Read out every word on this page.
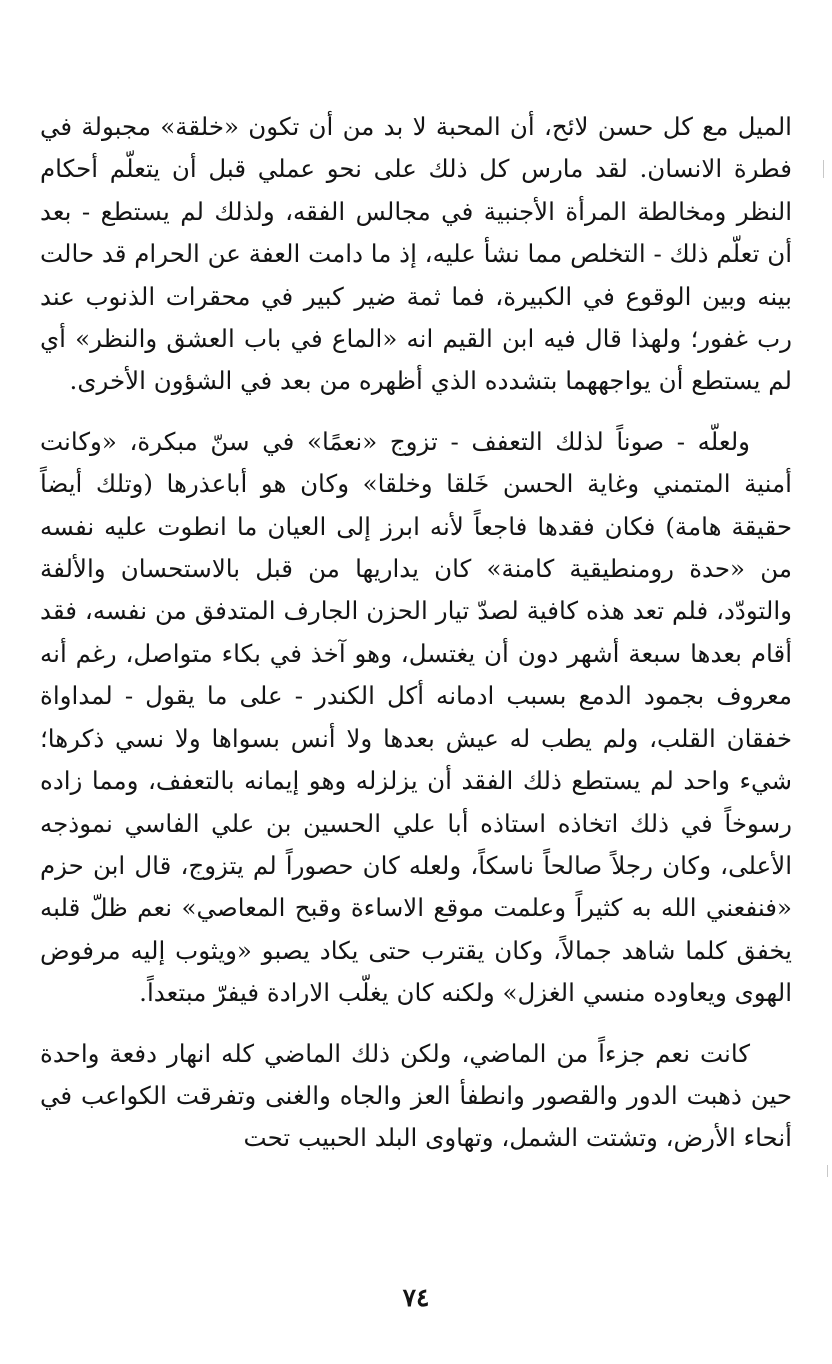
الميل مع كل حسن لائح، أن المحبة لا بد من أن تكون «خلقة» مجبولة في فطرة الانسان. لقد مارس كل ذلك على نحو عملي قبل أن يتعلّم أحكام النظر ومخالطة المرأة الأجنبية في مجالس الفقه، ولذلك لم يستطع - بعد أن تعلّم ذلك - التخلص مما نشأ عليه، إذ ما دامت العفة عن الحرام قد حالت بينه وبين الوقوع في الكبيرة، فما ثمة ضير كبير في محقرات الذنوب عند رب غفور؛ ولهذا قال فيه ابن القيم انه «الماع في باب العشق والنظر» أي لم يستطع أن يواجههما بتشدده الذي أظهره من بعد في الشؤون الأخرى.

ولعلّه - صوناً لذلك التعفف - تزوج «نعمًا» في سنّ مبكرة، «وكانت أمنية المتمني وغاية الحسن خَلقا وخلقا» وكان هو أباعذرها (وتلك أيضاً حقيقة هامة) فكان فقدها فاجعاً لأنه ابرز إلى العيان ما انطوت عليه نفسه من «حدة رومنطيقية كامنة» كان يداريها من قبل بالاستحسان والألفة والتودّد، فلم تعد هذه كافية لصدّ تيار الحزن الجارف المتدفق من نفسه، فقد أقام بعدها سبعة أشهر دون أن يغتسل، وهو آخذ في بكاء متواصل، رغم أنه معروف بجمود الدمع بسبب ادمانه أكل الكندر - على ما يقول - لمداواة خفقان القلب، ولم يطب له عيش بعدها ولا أنس بسواها ولا نسي ذكرها؛ شيء واحد لم يستطع ذلك الفقد أن يزلزله وهو إيمانه بالتعفف، ومما زاده رسوخاً في ذلك اتخاذه استاذه أبا علي الحسين بن علي الفاسي نموذجه الأعلى، وكان رجلاً صالحاً ناسكاً، ولعله كان حصوراً لم يتزوج، قال ابن حزم «فنفعني الله به كثيراً وعلمت موقع الاساءة وقبح المعاصي» نعم ظلّ قلبه يخفق كلما شاهد جمالاً، وكان يقترب حتى يكاد يصبو «ويثوب إليه مرفوض الهوى ويعاوده منسي الغزل» ولكنه كان يغلّب الارادة فيفرّ مبتعداً.

كانت نعم جزءاً من الماضي، ولكن ذلك الماضي كله انهار دفعة واحدة حين ذهبت الدور والقصور وانطفأ العز والجاه والغنى وتفرقت الكواعب في أنحاء الأرض، وتشتت الشمل، وتهاوى البلد الحبيب تحت

٧٤
